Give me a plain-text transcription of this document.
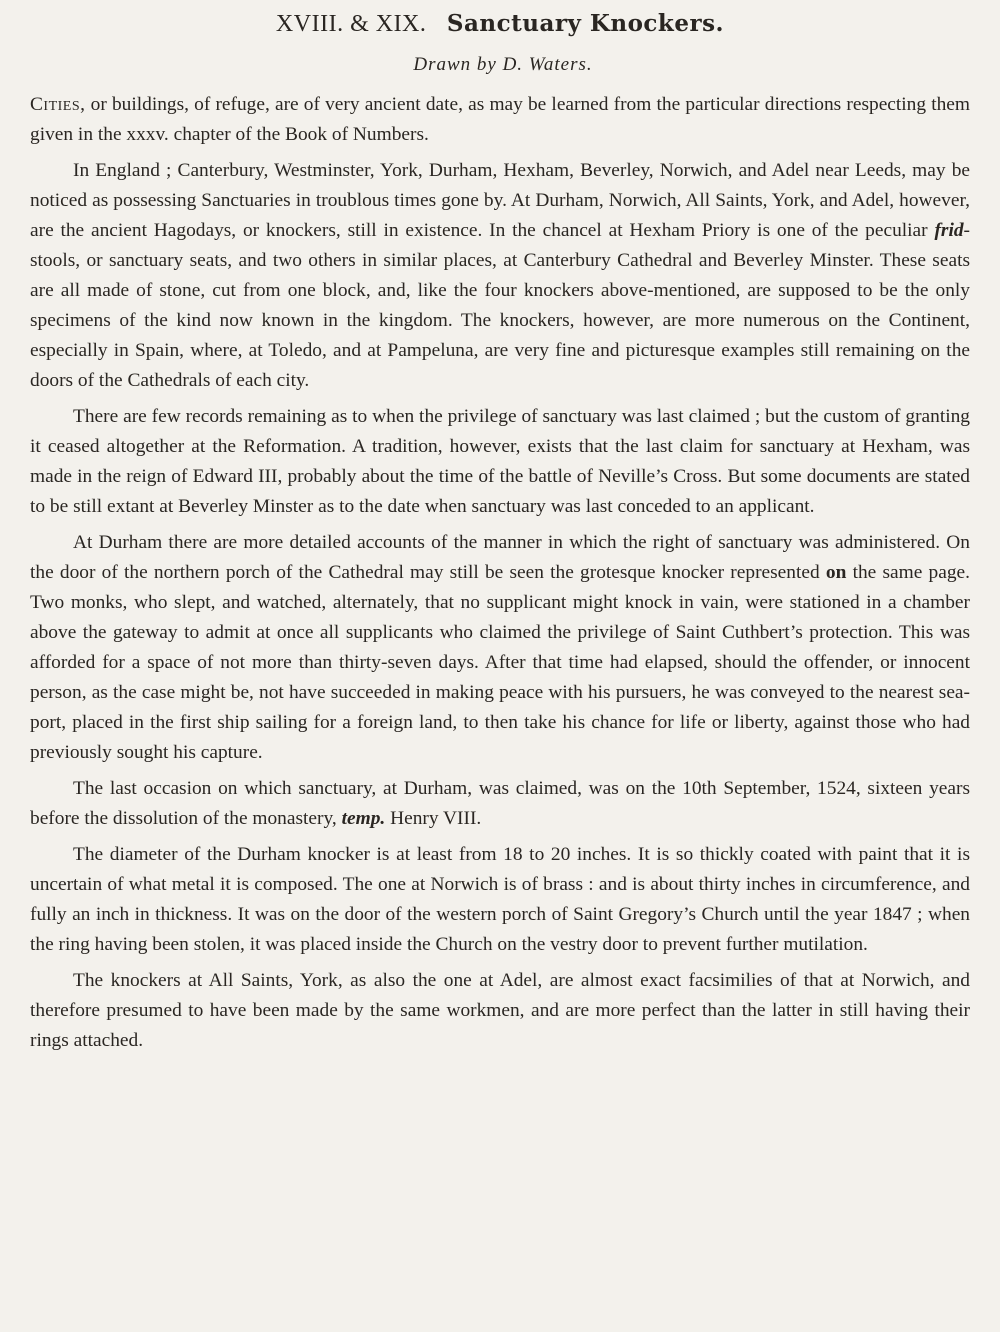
XVIII. & XIX. Sanctuary Knockers.
Drawn by D. Waters.

Cities, or buildings, of refuge, are of very ancient date, as may be learned from the particular directions respecting them given in the xxxv. chapter of the Book of Numbers.

In England ; Canterbury, Westminster, York, Durham, Hexham, Beverley, Norwich, and Adel near Leeds, may be noticed as possessing Sanctuaries in troublous times gone by. At Durham, Norwich, All Saints, York, and Adel, however, are the ancient Hagodays, or knockers, still in existence. In the chancel at Hexham Priory is one of the peculiar frid-stools, or sanctuary seats, and two others in similar places, at Canterbury Cathedral and Beverley Minster. These seats are all made of stone, cut from one block, and, like the four knockers above-mentioned, are supposed to be the only specimens of the kind now known in the kingdom. The knockers, however, are more numerous on the Continent, especially in Spain, where, at Toledo, and at Pampeluna, are very fine and picturesque examples still remaining on the doors of the Cathedrals of each city.

There are few records remaining as to when the privilege of sanctuary was last claimed ; but the custom of granting it ceased altogether at the Reformation. A tradition, however, exists that the last claim for sanctuary at Hexham, was made in the reign of Edward III, probably about the time of the battle of Neville’s Cross. But some documents are stated to be still extant at Beverley Minster as to the date when sanctuary was last conceded to an applicant.

At Durham there are more detailed accounts of the manner in which the right of sanctuary was administered. On the door of the northern porch of the Cathedral may still be seen the grotesque knocker represented on the same page. Two monks, who slept, and watched, alternately, that no supplicant might knock in vain, were stationed in a chamber above the gateway to admit at once all supplicants who claimed the privilege of Saint Cuthbert’s protection. This was afforded for a space of not more than thirty-seven days. After that time had elapsed, should the offender, or innocent person, as the case might be, not have succeeded in making peace with his pursuers, he was conveyed to the nearest sea-port, placed in the first ship sailing for a foreign land, to then take his chance for life or liberty, against those who had previously sought his capture.

The last occasion on which sanctuary, at Durham, was claimed, was on the 10th September, 1524, sixteen years before the dissolution of the monastery, temp. Henry VIII.

The diameter of the Durham knocker is at least from 18 to 20 inches. It is so thickly coated with paint that it is uncertain of what metal it is composed. The one at Norwich is of brass : and is about thirty inches in circumference, and fully an inch in thickness. It was on the door of the western porch of Saint Gregory’s Church until the year 1847 ; when the ring having been stolen, it was placed inside the Church on the vestry door to prevent further mutilation.

The knockers at All Saints, York, as also the one at Adel, are almost exact facsimilies of that at Norwich, and therefore presumed to have been made by the same workmen, and are more perfect than the latter in still having their rings attached.
